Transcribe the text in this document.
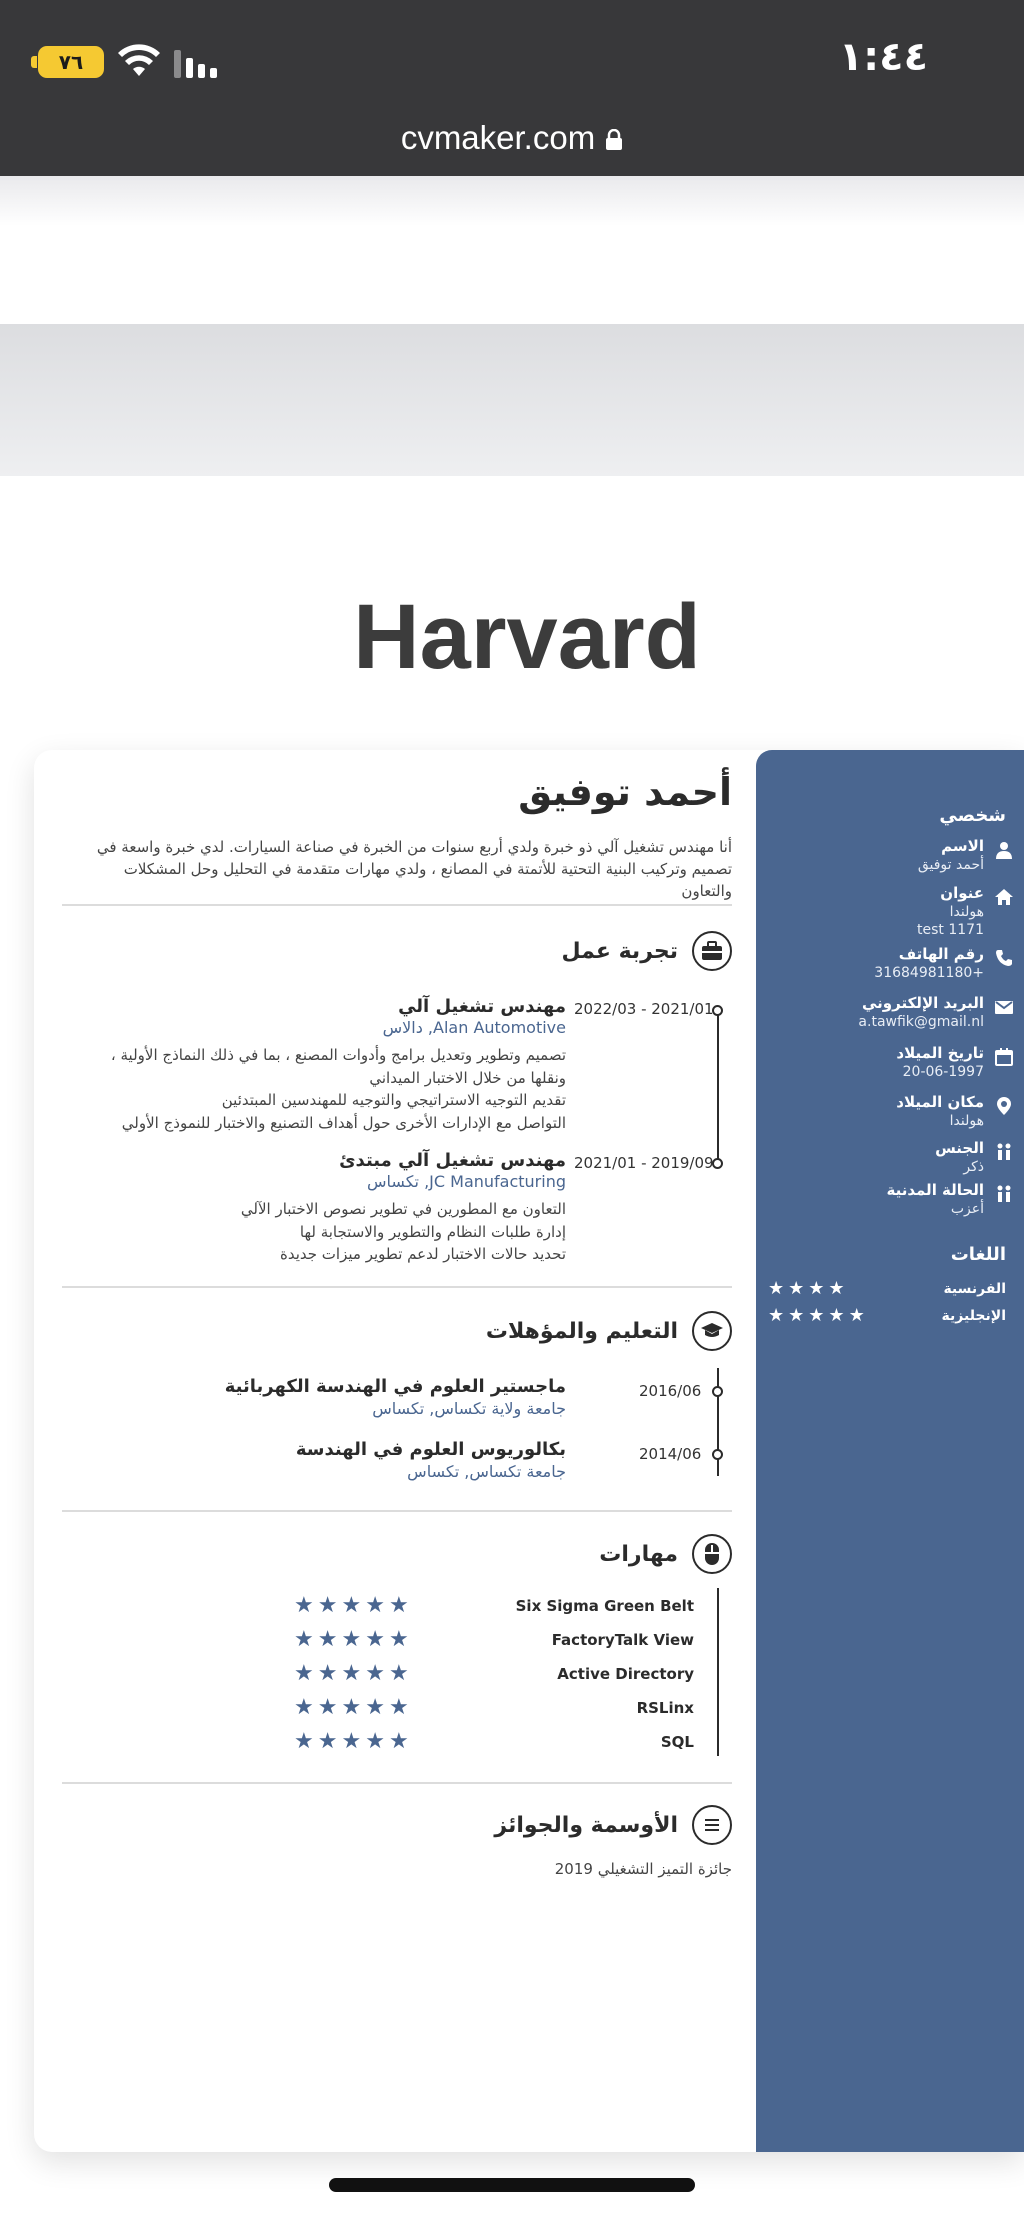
٧٦	١:٤٤
cvmaker.com
Harvard
أحمد توفيق
أنا مهندس تشغيل آلي ذو خبرة ولدي أربع سنوات من الخبرة في صناعة السيارات. لدي خبرة واسعة في تصميم وتركيب البنية التحتية للأتمتة في المصانع ، ولدي مهارات متقدمة في التحليل وحل المشكلات والتعاون
تجربة عمل
2022/03 - 2021/01
مهندس تشغيل آلي
Alan Automotive, دالاس
تصميم وتطوير وتعديل برامج وأدوات المصنع ، بما في ذلك النماذج الأولية ، ونقلها من خلال الاختبار الميداني
تقديم التوجيه الاستراتيجي والتوجيه للمهندسين المبتدئين
التواصل مع الإدارات الأخرى حول أهداف التصنيع والاختبار للنموذج الأولي
2021/01 - 2019/09
مهندس تشغيل آلي مبتدئ
JC Manufacturing, تكساس
التعاون مع المطورين في تطوير نصوص الاختبار الآلي
إدارة طلبات النظام والتطوير والاستجابة لها
تحديد حالات الاختبار لدعم تطوير ميزات جديدة
التعليم والمؤهلات
2016/06
ماجستير العلوم في الهندسة الكهربائية
جامعة ولاية تكساس, تكساس
2014/06
بكالوريوس العلوم في الهندسة
جامعة تكساس, تكساس
مهارات
Six Sigma Green Belt
★ ★ ★ ★ ★
FactoryTalk View
★ ★ ★ ★ ★
Active Directory
★ ★ ★ ★ ★
RSLinx
★ ★ ★ ★ ★
SQL
★ ★ ★ ★ ★
الأوسمة والجوائز
جائزة التميز التشغيلي 2019
شخصي
الاسم
أحمد توفيق
عنوان
هولندا
test 1171
رقم الهاتف
+31684981180
البريد الإلكتروني
a.tawfik@gmail.nl
تاريخ الميلاد
20-06-1997
مكان الميلاد
هولندا
الجنس
ذكر
الحالة المدنية
أعزب
اللغات
الفرنسية
★ ★ ★ ★
الإنجليزية
★ ★ ★ ★ ★
